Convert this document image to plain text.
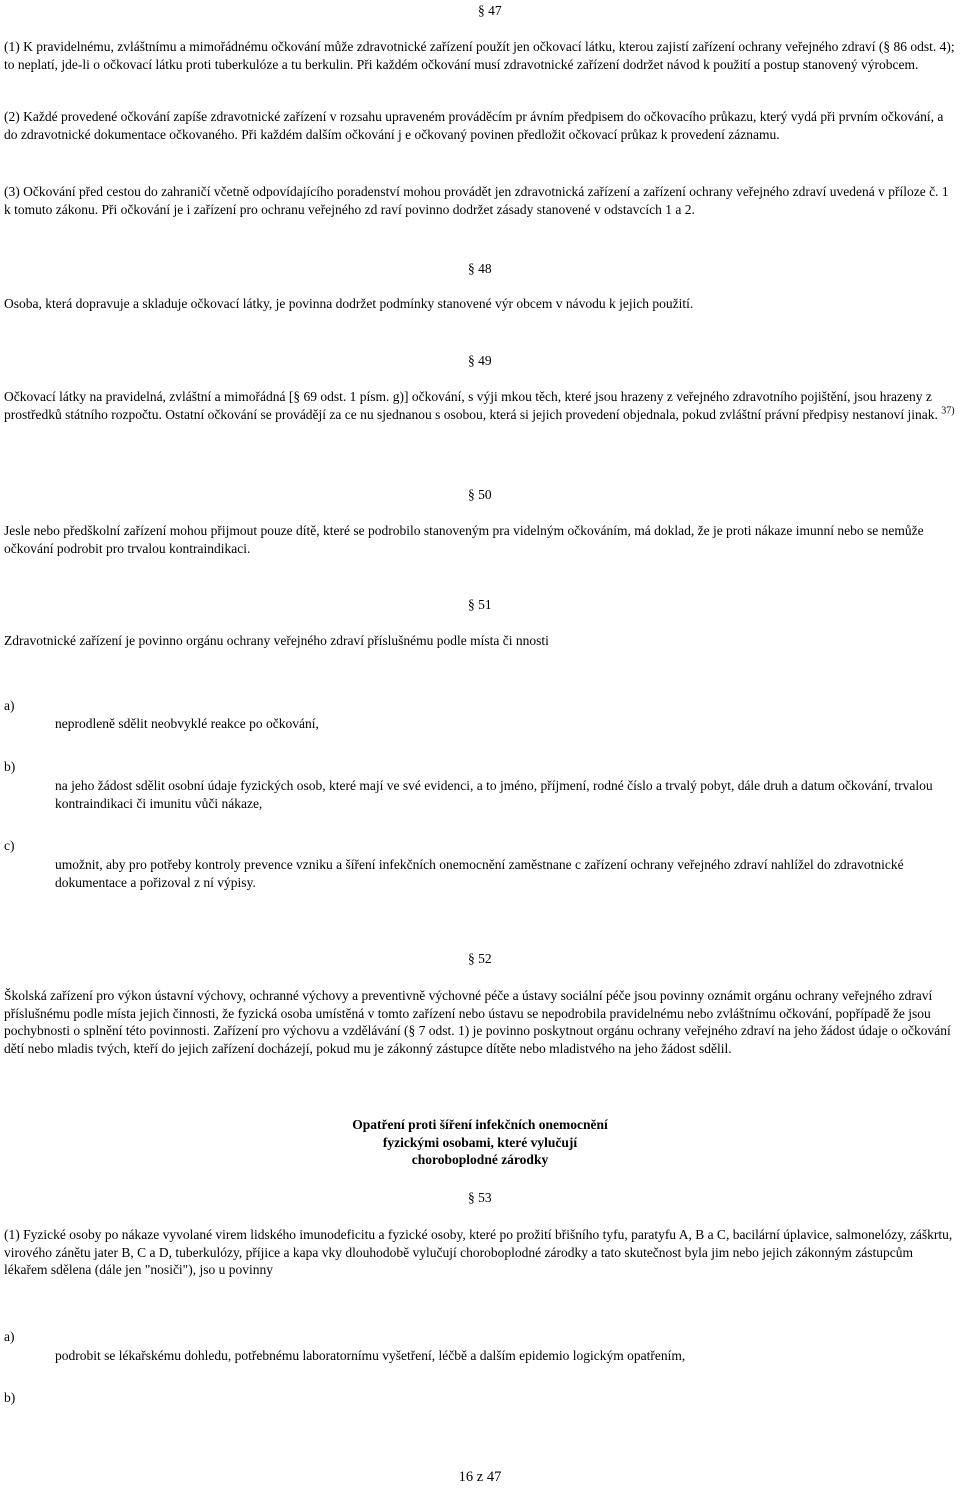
§ 47

(1) K pravidelnému, zvláštnímu a mimořádnému očkování může zdravotnické zařízení použít jen očkovací látku, kterou zajistí zařízení ochrany veřejného zdraví (§ 86 odst. 4); to neplatí, jde-li o očkovací látku proti tuberkulóze a tu berkulin. Při každém očkování musí zdravotnické zařízení dodržet návod k použití a postup stanovený výrobcem.

(2) Každé provedené očkování zapíše zdravotnické zařízení v rozsahu upraveném prováděcím pr ávním předpisem do očkovacího průkazu, který vydá při prvním očkování, a do zdravotnické dokumentace očkovaného. Při každém dalším očkování j e očkovaný povinen předložit očkovací průkaz k provedení záznamu.

(3) Očkování před cestou do zahraničí včetně odpovídajícího poradenství mohou provádět jen zdravotnická zařízení a zařízení ochrany veřejného zdraví uvedená v příloze č. 1 k tomuto zákonu. Při očkování je i zařízení pro ochranu veřejného zd raví povinno dodržet zásady stanovené v odstavcích 1 a 2.

§ 48

Osoba, která dopravuje a skladuje očkovací látky, je povinna dodržet podmínky stanovené výr obcem v návodu k jejich použití.

§ 49

Očkovací látky na pravidelná, zvláštní a mimořádná [§ 69 odst. 1 písm. g)] očkování, s výji mkou těch, které jsou hrazeny z veřejného zdravotního pojištění, jsou hrazeny z prostředků státního rozpočtu. Ostatní očkování se provádějí za ce nu sjednanou s osobou, která si jejich provedení objednala, pokud zvláštní právní předpisy nestanoví jinak. $^{37)}$

§ 50

Jesle nebo předškolní zařízení mohou přijmout pouze dítě, které se podrobilo stanoveným pra videlným očkováním, má doklad, že je proti nákaze imunní nebo se nemůže očkování podrobit pro trvalou kontraindikaci.

§ 51

Zdravotnické zařízení je povinno orgánu ochrany veřejného zdraví příslušnému podle místa či nnosti

a)

neprodleně sdělit neobvyklé reakce po očkování,

b)

na jeho žádost sdělit osobní údaje fyzických osob, které mají ve své evidenci, a to jméno, příjmení, rodné číslo a trvalý pobyt, dále druh a datum očkování, trvalou kontraindikaci či imunitu vůči nákaze,

c)

umožnit, aby pro potřeby kontroly prevence vzniku a šíření infekčních onemocnění zaměstnane c zařízení ochrany veřejného zdraví nahlížel do zdravotnické dokumentace a pořizoval z ní výpisy.

§ 52

Školská zařízení pro výkon ústavní výchovy, ochranné výchovy a preventivně výchovné péče a ústavy sociální péče jsou povinny oznámit orgánu ochrany veřejného zdraví příslušnému podle místa jejich činnosti, že fyzická osoba umístěná v tomto zařízení nebo ústavu se nepodrobila pravidelnému nebo zvláštnímu očkování, popřípadě že jsou pochybnosti o splnění této povinnosti. Zařízení pro výchovu a vzdělávání (§ 7 odst. 1) je povinno poskytnout orgánu ochrany veřejného zdraví na jeho žádost údaje o očkování dětí nebo mladis tvých, kteří do jejich zařízení docházejí, pokud mu je zákonný zástupce dítěte nebo mladistvého na jeho žádost sdělil.

Opatření proti šíření infekčních onemocnění
fyzickými osobami, které vylučují
choroboplodné zárodky
§ 53

(1) Fyzické osoby po nákaze vyvolané virem lidského imunodeficitu a fyzické osoby, které po prožití břišního tyfu, paratyfu A, B a C, bacilární úplavice, salmonelózy, záškrtu, virového zánětu jater B, C a D, tuberkulózy, příjice a kapa vky dlouhodobě vylučují choroboplodné zárodky a tato skutečnost byla jim nebo jejich zákonným zástupcům lékařem sdělena (dále jen "nosiči"), jso u povinny

a)

podrobit se lékařskému dohledu, potřebnému laboratornímu vyšetření, léčbě a dalším epidemio logickým opatřením,

b)
16 z 47
